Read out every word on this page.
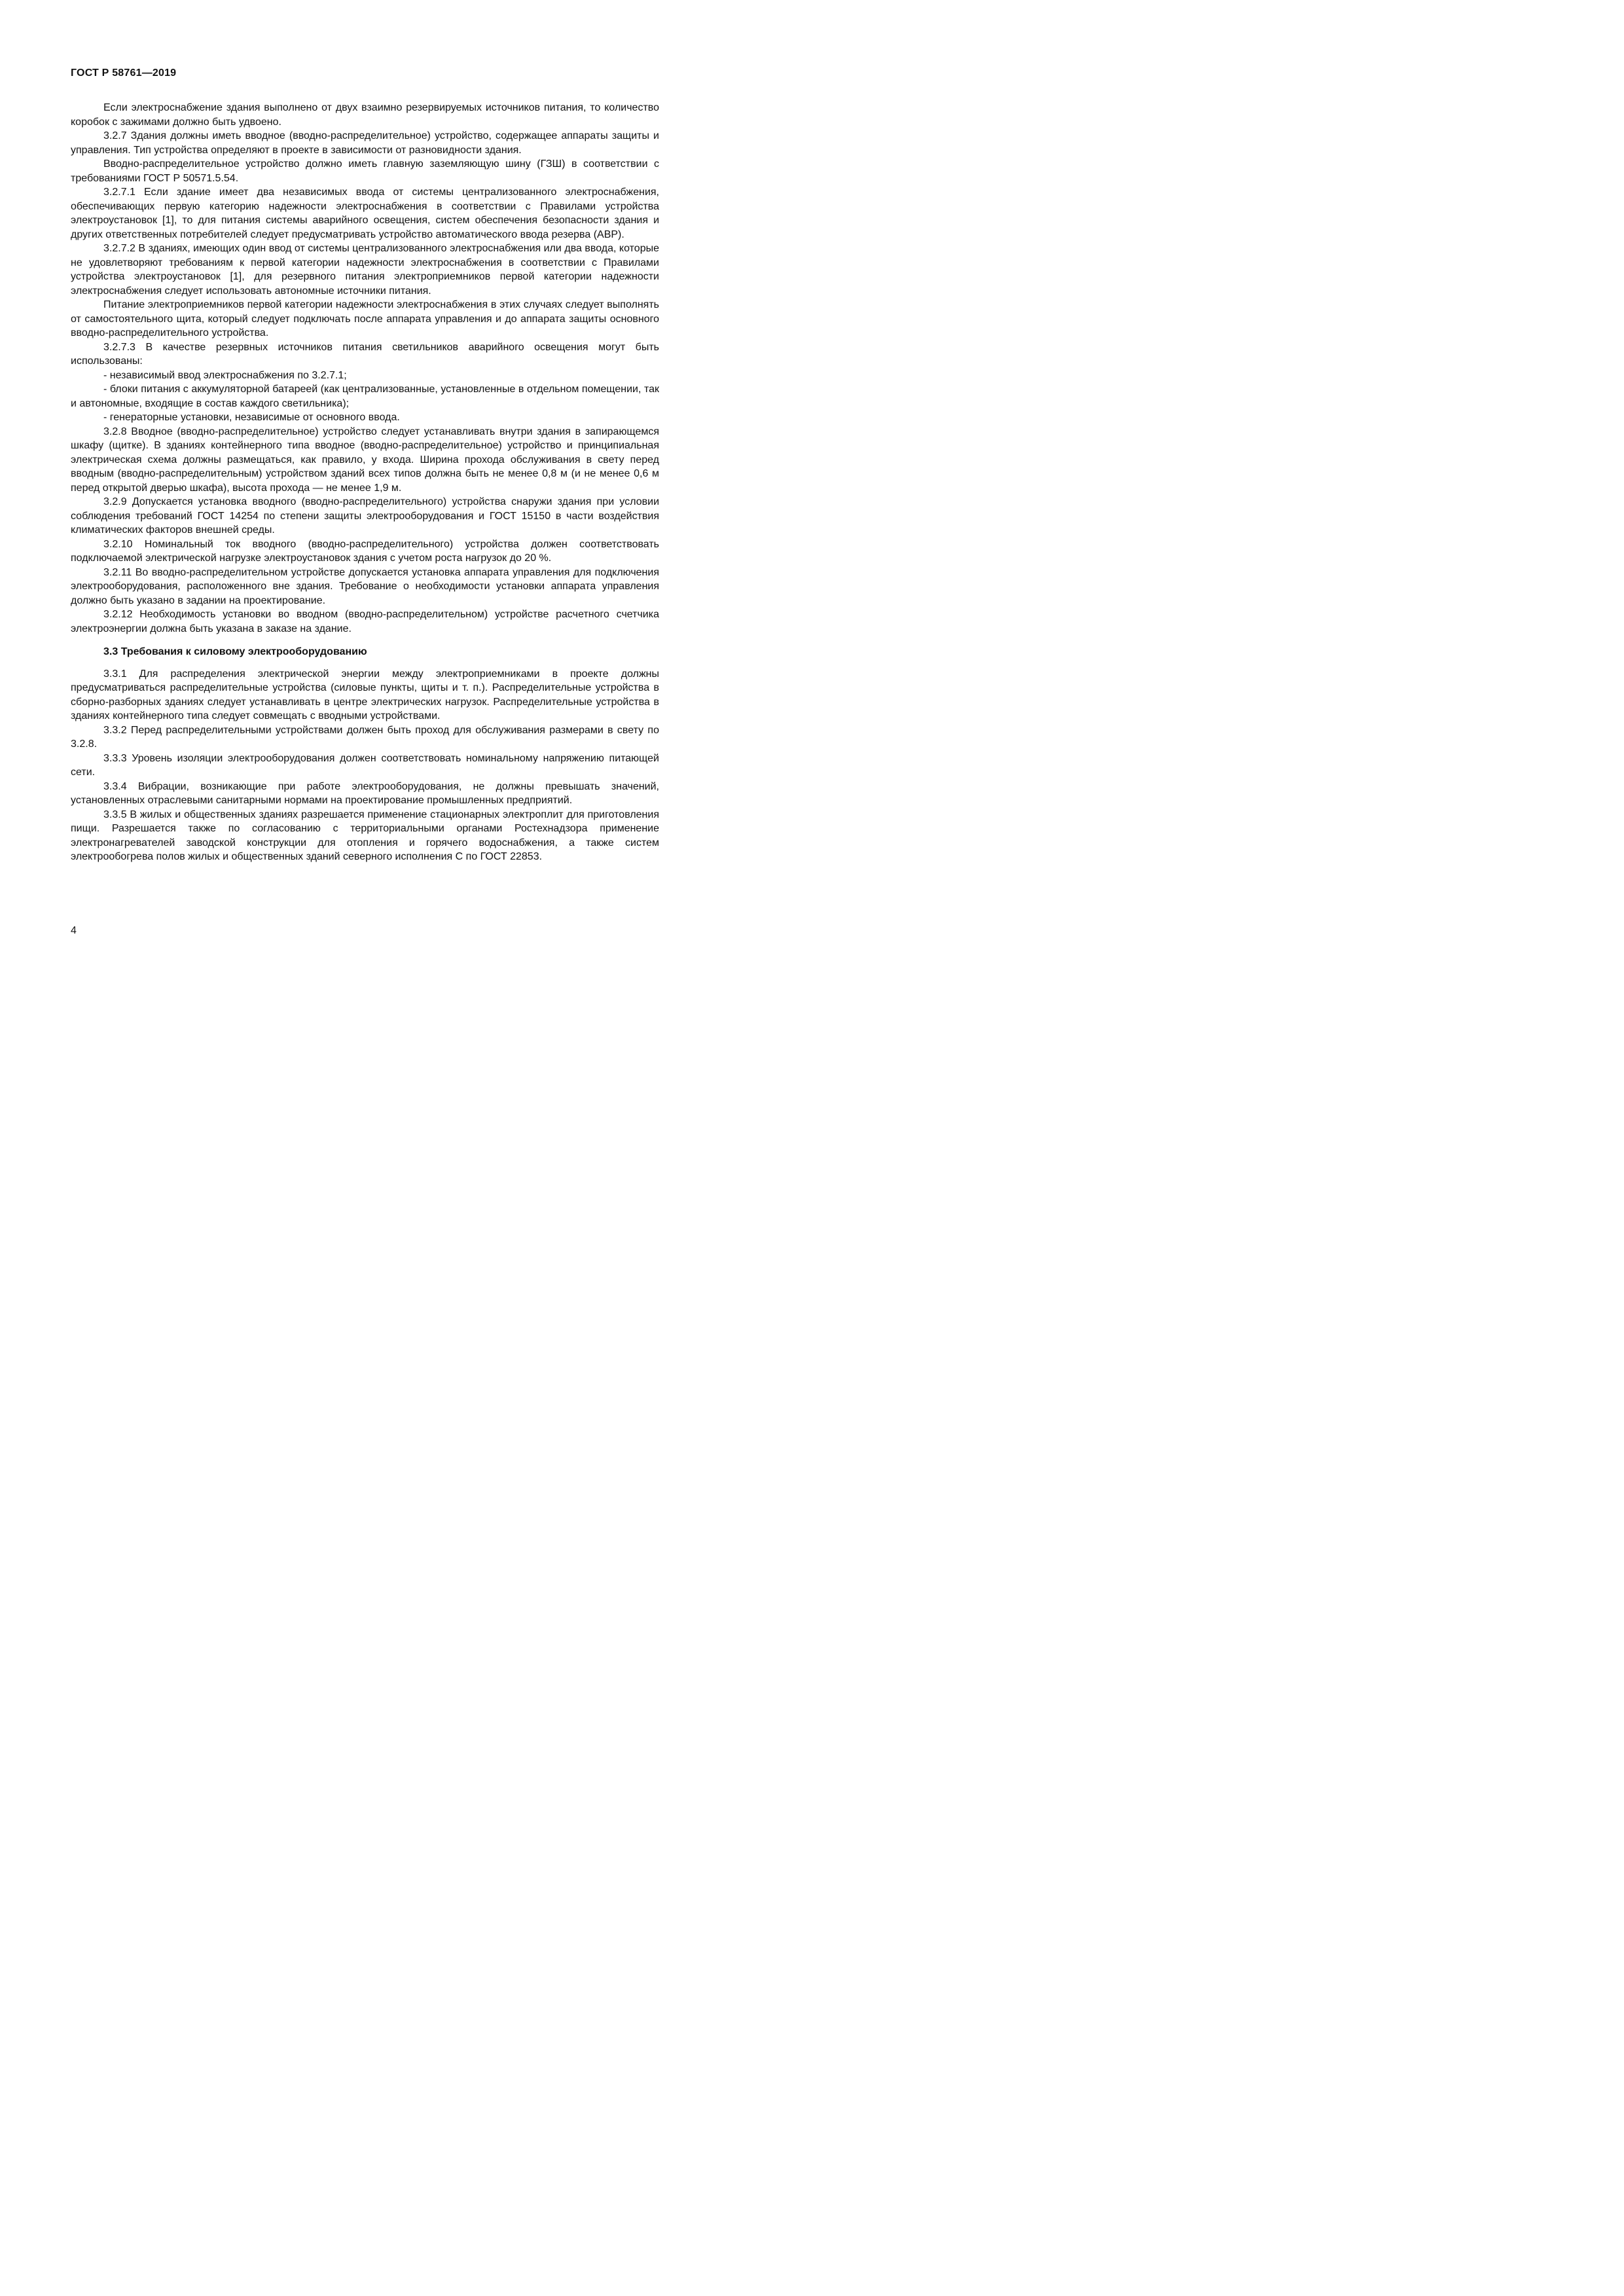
ГОСТ Р 58761—2019

Если электроснабжение здания выполнено от двух взаимно резервируемых источников питания, то количество коробок с зажимами должно быть удвоено.

3.2.7 Здания должны иметь вводное (вводно-распределительное) устройство, содержащее аппараты защиты и управления. Тип устройства определяют в проекте в зависимости от разновидности здания.

Вводно-распределительное устройство должно иметь главную заземляющую шину (ГЗШ) в соответствии с требованиями ГОСТ Р 50571.5.54.

3.2.7.1 Если здание имеет два независимых ввода от системы централизованного электроснабжения, обеспечивающих первую категорию надежности электроснабжения в соответствии с Правилами устройства электроустановок [1], то для питания системы аварийного освещения, систем обеспечения безопасности здания и других ответственных потребителей следует предусматривать устройство автоматического ввода резерва (АВР).

3.2.7.2 В зданиях, имеющих один ввод от системы централизованного электроснабжения или два ввода, которые не удовлетворяют требованиям к первой категории надежности электроснабжения в соответствии с Правилами устройства электроустановок [1], для резервного питания электроприемников первой категории надежности электроснабжения следует использовать автономные источники питания.

Питание электроприемников первой категории надежности электроснабжения в этих случаях следует выполнять от самостоятельного щита, который следует подключать после аппарата управления и до аппарата защиты основного вводно-распределительного устройства.

3.2.7.3 В качестве резервных источников питания светильников аварийного освещения могут быть использованы:

- независимый ввод электроснабжения по 3.2.7.1;

- блоки питания с аккумуляторной батареей (как централизованные, установленные в отдельном помещении, так и автономные, входящие в состав каждого светильника);

- генераторные установки, независимые от основного ввода.

3.2.8 Вводное (вводно-распределительное) устройство следует устанавливать внутри здания в запирающемся шкафу (щитке). В зданиях контейнерного типа вводное (вводно-распределительное) устройство и принципиальная электрическая схема должны размещаться, как правило, у входа. Ширина прохода обслуживания в свету перед вводным (вводно-распределительным) устройством зданий всех типов должна быть не менее 0,8 м (и не менее 0,6 м перед открытой дверью шкафа), высота прохода — не менее 1,9 м.

3.2.9 Допускается установка вводного (вводно-распределительного) устройства снаружи здания при условии соблюдения требований ГОСТ 14254 по степени защиты электрооборудования и ГОСТ 15150 в части воздействия климатических факторов внешней среды.

3.2.10 Номинальный ток вводного (вводно-распределительного) устройства должен соответствовать подключаемой электрической нагрузке электроустановок здания с учетом роста нагрузок до 20 %.

3.2.11 Во вводно-распределительном устройстве допускается установка аппарата управления для подключения электрооборудования, расположенного вне здания. Требование о необходимости установки аппарата управления должно быть указано в задании на проектирование.

3.2.12 Необходимость установки во вводном (вводно-распределительном) устройстве расчетного счетчика электроэнергии должна быть указана в заказе на здание.

3.3 Требования к силовому электрооборудованию

3.3.1 Для распределения электрической энергии между электроприемниками в проекте должны предусматриваться распределительные устройства (силовые пункты, щиты и т. п.). Распределительные устройства в сборно-разборных зданиях следует устанавливать в центре электрических нагрузок. Распределительные устройства в зданиях контейнерного типа следует совмещать с вводными устройствами.

3.3.2 Перед распределительными устройствами должен быть проход для обслуживания размерами в свету по 3.2.8.

3.3.3 Уровень изоляции электрооборудования должен соответствовать номинальному напряжению питающей сети.

3.3.4 Вибрации, возникающие при работе электрооборудования, не должны превышать значений, установленных отраслевыми санитарными нормами на проектирование промышленных предприятий.

3.3.5 В жилых и общественных зданиях разрешается применение стационарных электроплит для приготовления пищи. Разрешается также по согласованию с территориальными органами Ростехнадзора применение электронагревателей заводской конструкции для отопления и горячего водоснабжения, а также систем электрообогрева полов жилых и общественных зданий северного исполнения С по ГОСТ 22853.

4
